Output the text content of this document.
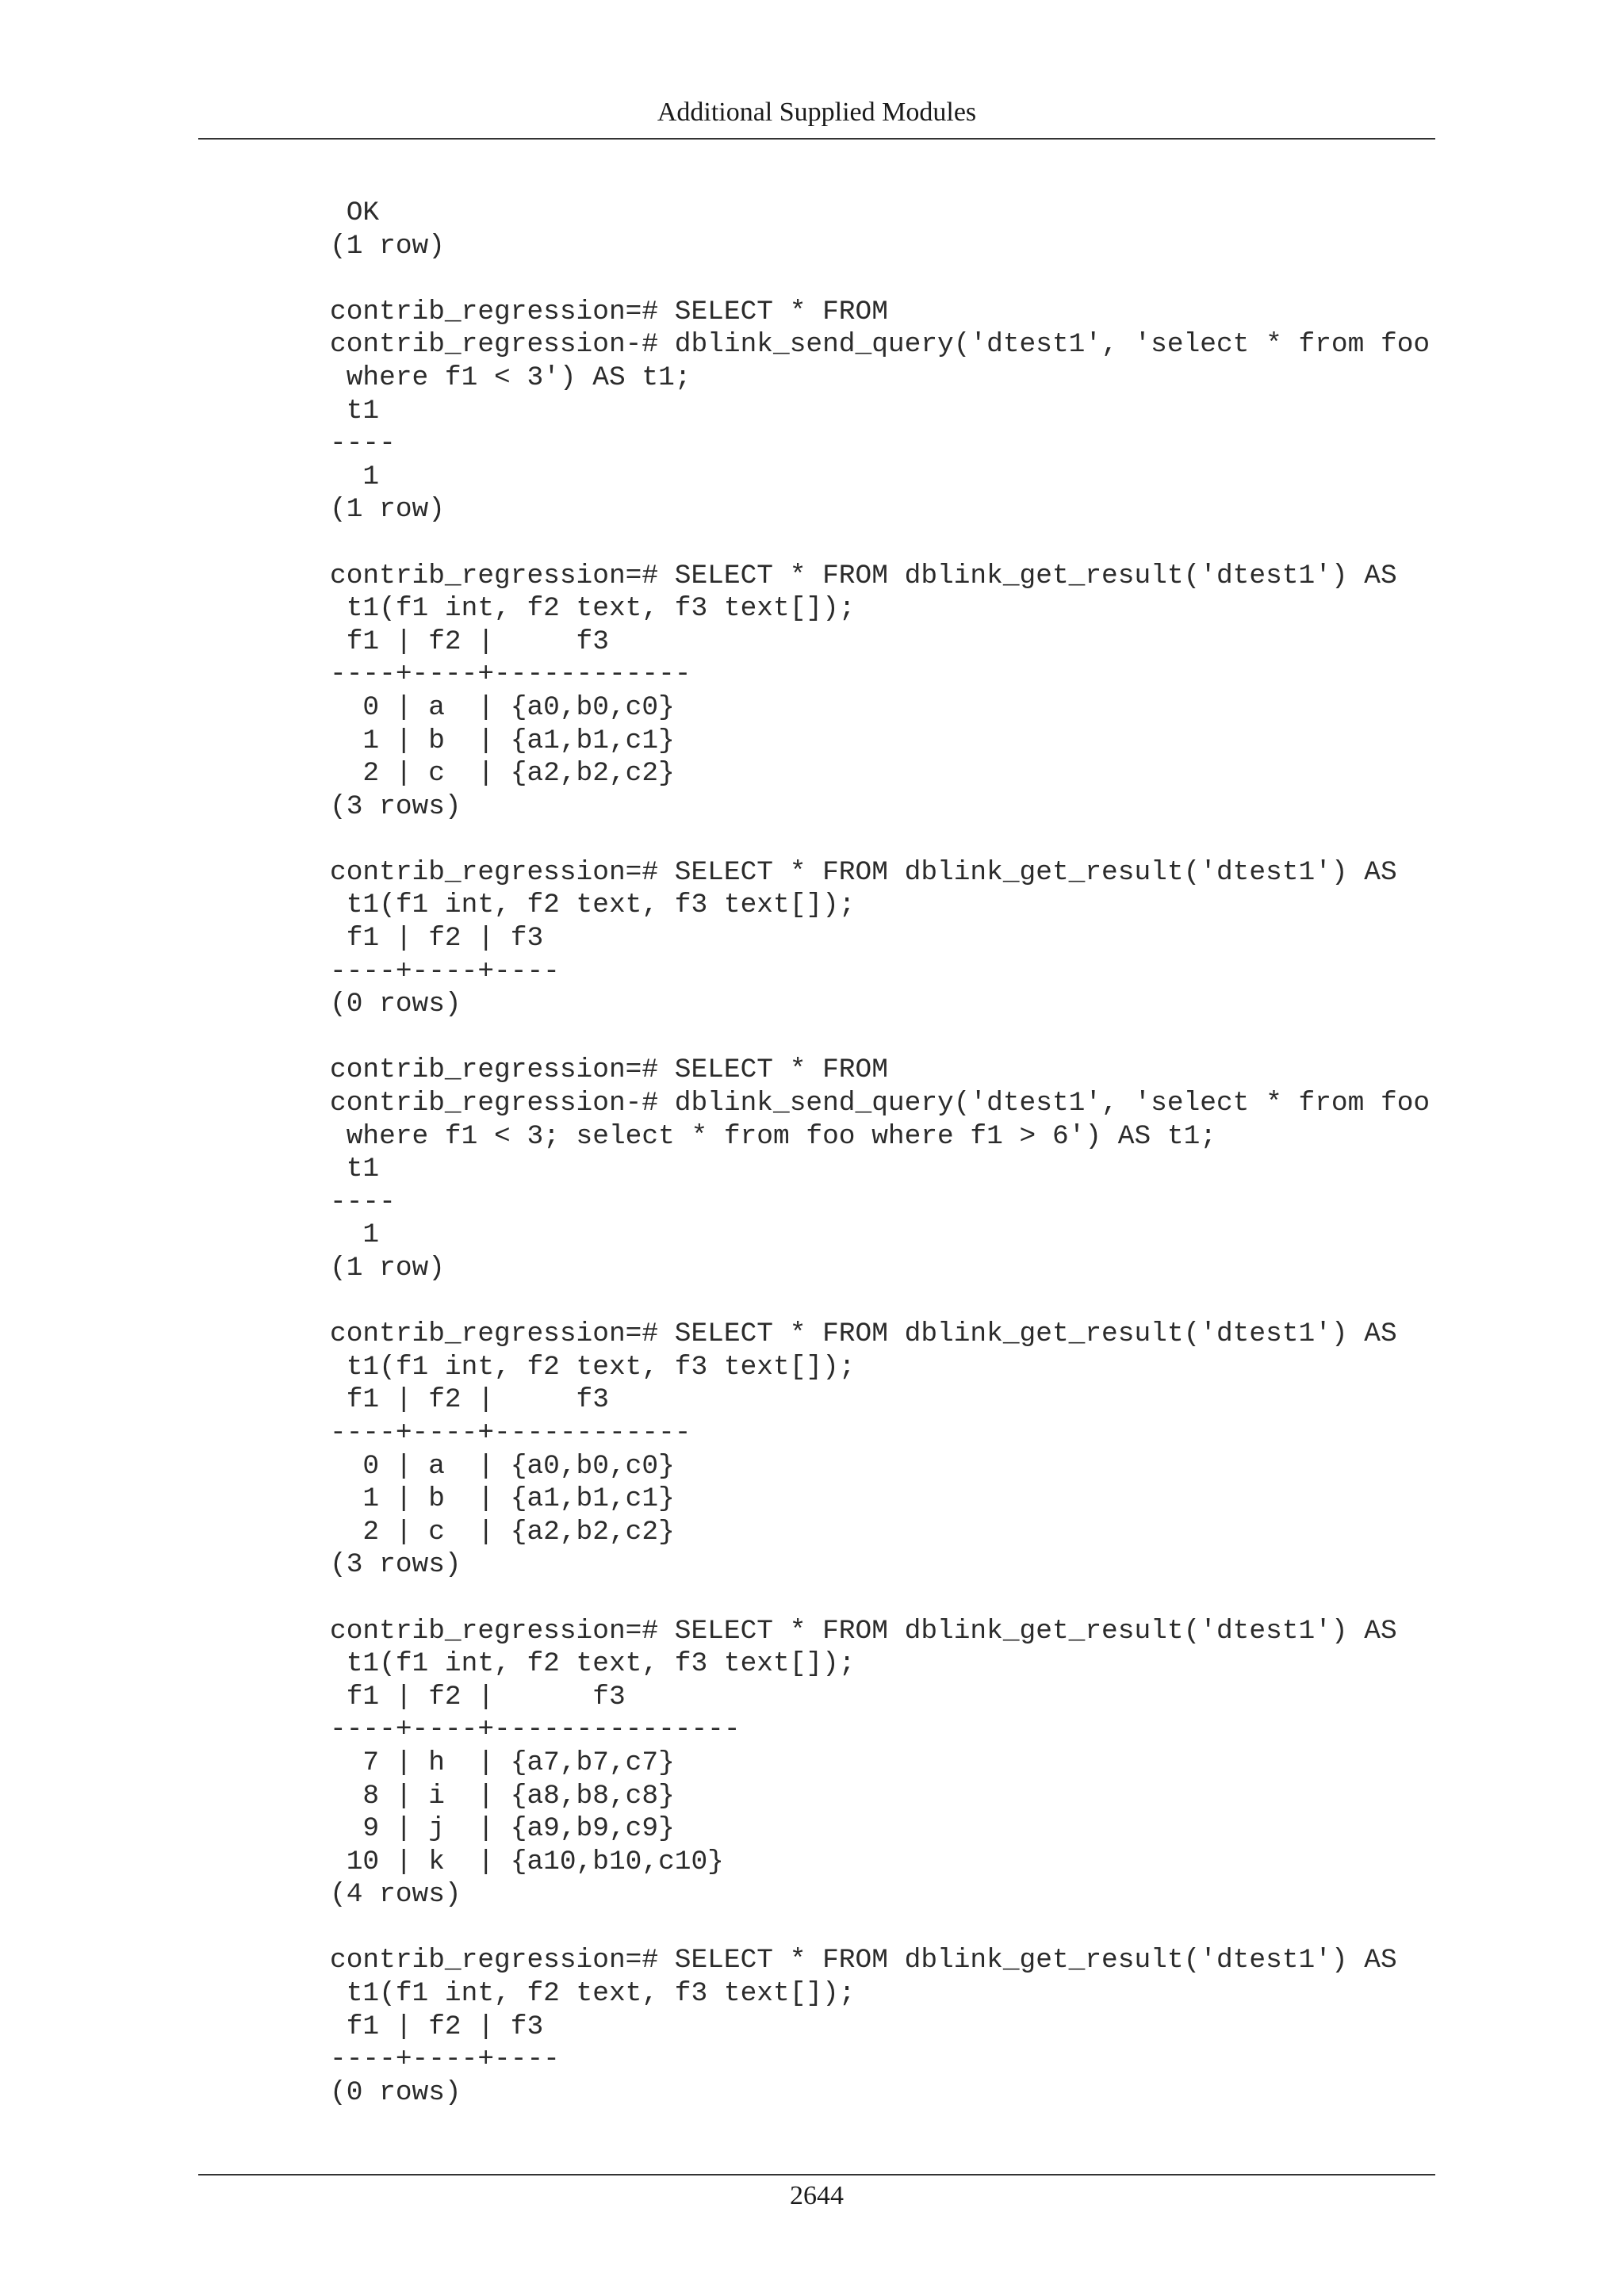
Additional Supplied Modules
OK
(1 row)
contrib_regression=# SELECT * FROM
contrib_regression-# dblink_send_query('dtest1', 'select * from foo
where f1 < 3') AS t1;
t1
----
1
(1 row)
contrib_regression=# SELECT * FROM dblink_get_result('dtest1') AS
t1(f1 int, f2 text, f3 text[]);
f1 | f2 |     f3
----+----+------------
0 | a  | {a0,b0,c0}
1 | b  | {a1,b1,c1}
2 | c  | {a2,b2,c2}
(3 rows)
contrib_regression=# SELECT * FROM dblink_get_result('dtest1') AS
t1(f1 int, f2 text, f3 text[]);
f1 | f2 | f3
----+----+----
(0 rows)
contrib_regression=# SELECT * FROM
contrib_regression-# dblink_send_query('dtest1', 'select * from foo
where f1 < 3; select * from foo where f1 > 6') AS t1;
t1
----
1
(1 row)
contrib_regression=# SELECT * FROM dblink_get_result('dtest1') AS
t1(f1 int, f2 text, f3 text[]);
f1 | f2 |     f3
----+----+------------
0 | a  | {a0,b0,c0}
1 | b  | {a1,b1,c1}
2 | c  | {a2,b2,c2}
(3 rows)
contrib_regression=# SELECT * FROM dblink_get_result('dtest1') AS
t1(f1 int, f2 text, f3 text[]);
f1 | f2 |      f3
----+----+---------------
7 | h  | {a7,b7,c7}
8 | i  | {a8,b8,c8}
9 | j  | {a9,b9,c9}
10 | k  | {a10,b10,c10}
(4 rows)
contrib_regression=# SELECT * FROM dblink_get_result('dtest1') AS
t1(f1 int, f2 text, f3 text[]);
f1 | f2 | f3
----+----+----
(0 rows)
2644
